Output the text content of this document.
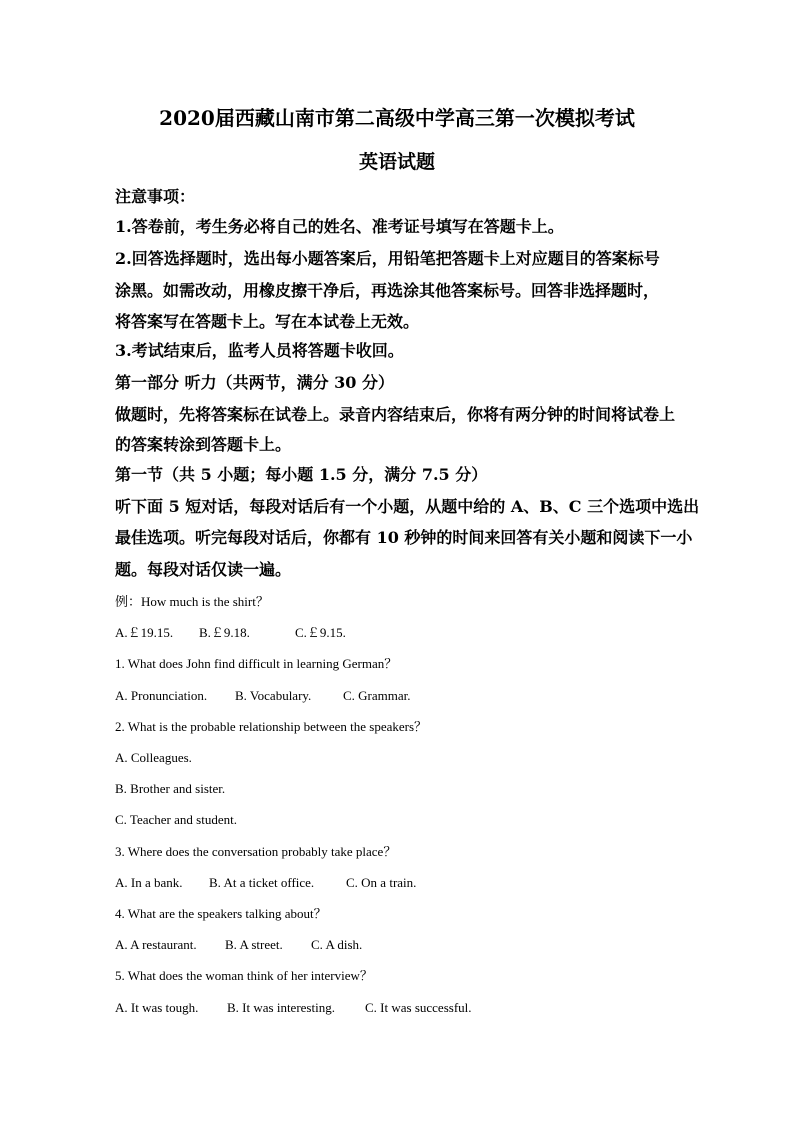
2020届西藏山南市第二高级中学高三第一次模拟考试
英语试题
注意事项：
1.答卷前，考生务必将自己的姓名、准考证号填写在答题卡上。
2.回答选择题时，选出每小题答案后，用铅笔把答题卡上对应题目的答案标号
涂黑。如需改动，用橡皮擦干净后，再选涂其他答案标号。回答非选择题时，
将答案写在答题卡上。写在本试卷上无效。
3.考试结束后，监考人员将答题卡收回。
第一部分 听力（共两节，满分 30 分）
做题时，先将答案标在试卷上。录音内容结束后，你将有两分钟的时间将试卷上
的答案转涂到答题卡上。
第一节（共 5 小题；每小题 1.5 分，满分 7.5 分）
听下面 5 短对话，每段对话后有一个小题，从题中给的 A、B、C 三个选项中选出
最佳选项。听完每段对话后，你都有 10 秒钟的时间来回答有关小题和阅读下一小
题。每段对话仅读一遍。
例：How much is the shirt？
A.￡19.15. B.￡9.18.	C.￡9.15.
1. What does John find difficult in learning German？
A. Pronunciation. B. Vocabulary. C. Grammar.
2. What is the probable relationship between the speakers？
A. Colleagues.
B. Brother and sister.
C. Teacher and student.
3. Where does the conversation probably take place？
A. In a bank. B. At a ticket office. C. On a train.
4. What are the speakers talking about？
A. A restaurant. B. A street. C. A dish.
5. What does the woman think of her interview？
A. It was tough. B. It was interesting. C. It was successful.
